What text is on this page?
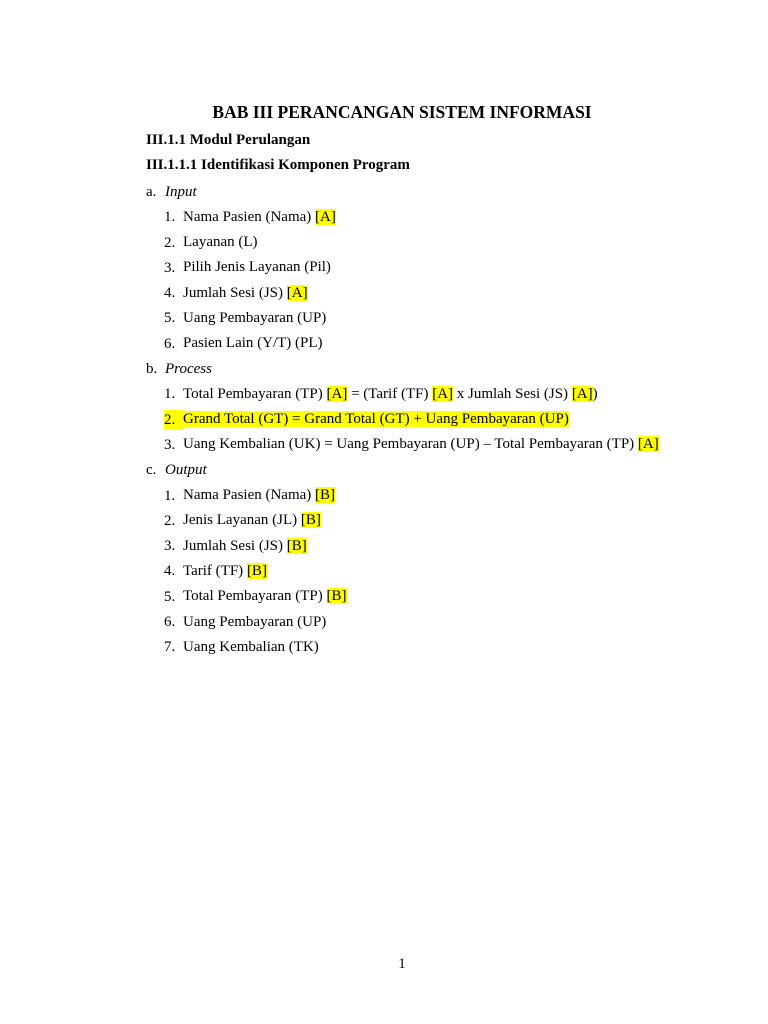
BAB III PERANCANGAN SISTEM INFORMASI
III.1.1 Modul Perulangan
III.1.1.1 Identifikasi Komponen Program
a. Input
1. Nama Pasien (Nama) [A]
2. Layanan (L)
3. Pilih Jenis Layanan (Pil)
4. Jumlah Sesi (JS) [A]
5. Uang Pembayaran (UP)
6. Pasien Lain (Y/T) (PL)
b. Process
1. Total Pembayaran (TP) [A] = (Tarif (TF) [A] x Jumlah Sesi (JS) [A])
2. Grand Total (GT) = Grand Total (GT) + Uang Pembayaran (UP)
3. Uang Kembalian (UK) = Uang Pembayaran (UP) – Total Pembayaran (TP) [A]
c. Output
1. Nama Pasien (Nama) [B]
2. Jenis Layanan (JL) [B]
3. Jumlah Sesi (JS) [B]
4. Tarif (TF) [B]
5. Total Pembayaran (TP) [B]
6. Uang Pembayaran (UP)
7. Uang Kembalian (TK)
1
